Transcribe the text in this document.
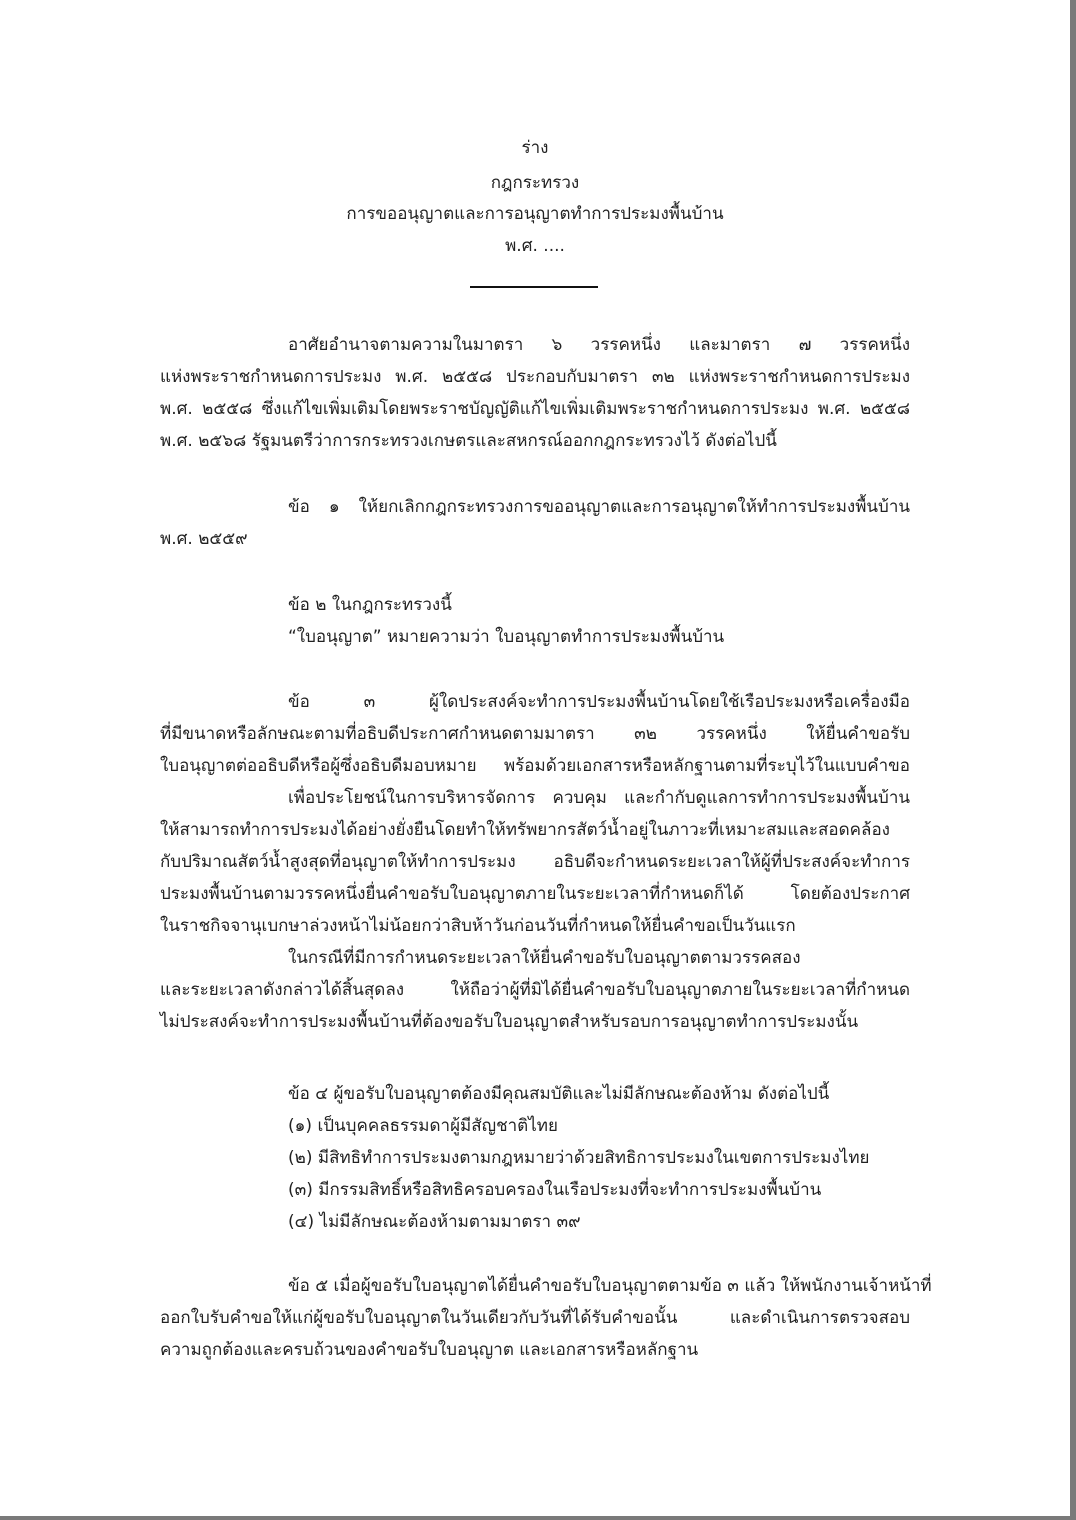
ร่าง
กฎกระทรวง
การขออนุญาตและการอนุญาตทำการประมงพื้นบ้าน
พ.ศ. ....
อาศัยอำนาจตามความในมาตรา ๖ วรรคหนึ่ง และมาตรา ๗ วรรคหนึ่ง
แห่งพระราชกำหนดการประมง พ.ศ. ๒๕๕๘ ประกอบกับมาตรา ๓๒ แห่งพระราชกำหนดการประมง
พ.ศ. ๒๕๕๘ ซึ่งแก้ไขเพิ่มเติมโดยพระราชบัญญัติแก้ไขเพิ่มเติมพระราชกำหนดการประมง พ.ศ. ๒๕๕๘
พ.ศ. ๒๕๖๘ รัฐมนตรีว่าการกระทรวงเกษตรและสหกรณ์ออกกฎกระทรวงไว้ ดังต่อไปนี้
ข้อ ๑ ให้ยกเลิกกฎกระทรวงการขออนุญาตและการอนุญาตให้ทำการประมงพื้นบ้าน
พ.ศ. ๒๕๕๙
ข้อ ๒ ในกฎกระทรวงนี้
“ใบอนุญาต” หมายความว่า ใบอนุญาตทำการประมงพื้นบ้าน
ข้อ ๓ ผู้ใดประสงค์จะทำการประมงพื้นบ้านโดยใช้เรือประมงหรือเครื่องมือ
ที่มีขนาดหรือลักษณะตามที่อธิบดีประกาศกำหนดตามมาตรา ๓๒ วรรคหนึ่ง ให้ยื่นคำขอรับ
ใบอนุญาตต่ออธิบดีหรือผู้ซึ่งอธิบดีมอบหมาย พร้อมด้วยเอกสารหรือหลักฐานตามที่ระบุไว้ในแบบคำขอ
เพื่อประโยชน์ในการบริหารจัดการ ควบคุม และกำกับดูแลการทำการประมงพื้นบ้าน
ให้สามารถทำการประมงได้อย่างยั่งยืนโดยทำให้ทรัพยากรสัตว์น้ำอยู่ในภาวะที่เหมาะสมและสอดคล้อง
กับปริมาณสัตว์น้ำสูงสุดที่อนุญาตให้ทำการประมง อธิบดีจะกำหนดระยะเวลาให้ผู้ที่ประสงค์จะทำการ
ประมงพื้นบ้านตามวรรคหนึ่งยื่นคำขอรับใบอนุญาตภายในระยะเวลาที่กำหนดก็ได้ โดยต้องประกาศ
ในราชกิจจานุเบกษาล่วงหน้าไม่น้อยกว่าสิบห้าวันก่อนวันที่กำหนดให้ยื่นคำขอเป็นวันแรก
ในกรณีที่มีการกำหนดระยะเวลาให้ยื่นคำขอรับใบอนุญาตตามวรรคสอง
และระยะเวลาดังกล่าวได้สิ้นสุดลง ให้ถือว่าผู้ที่มิได้ยื่นคำขอรับใบอนุญาตภายในระยะเวลาที่กำหนด
ไม่ประสงค์จะทำการประมงพื้นบ้านที่ต้องขอรับใบอนุญาตสำหรับรอบการอนุญาตทำการประมงนั้น
ข้อ ๔ ผู้ขอรับใบอนุญาตต้องมีคุณสมบัติและไม่มีลักษณะต้องห้าม ดังต่อไปนี้
(๑) เป็นบุคคลธรรมดาผู้มีสัญชาติไทย
(๒) มีสิทธิทำการประมงตามกฎหมายว่าด้วยสิทธิการประมงในเขตการประมงไทย
(๓) มีกรรมสิทธิ์หรือสิทธิครอบครองในเรือประมงที่จะทำการประมงพื้นบ้าน
(๔) ไม่มีลักษณะต้องห้ามตามมาตรา ๓๙
ข้อ ๕ เมื่อผู้ขอรับใบอนุญาตได้ยื่นคำขอรับใบอนุญาตตามข้อ ๓ แล้ว ให้พนักงานเจ้าหน้าที่
ออกใบรับคำขอให้แก่ผู้ขอรับใบอนุญาตในวันเดียวกับวันที่ได้รับคำขอนั้น และดำเนินการตรวจสอบ
ความถูกต้องและครบถ้วนของคำขอรับใบอนุญาต และเอกสารหรือหลักฐาน
